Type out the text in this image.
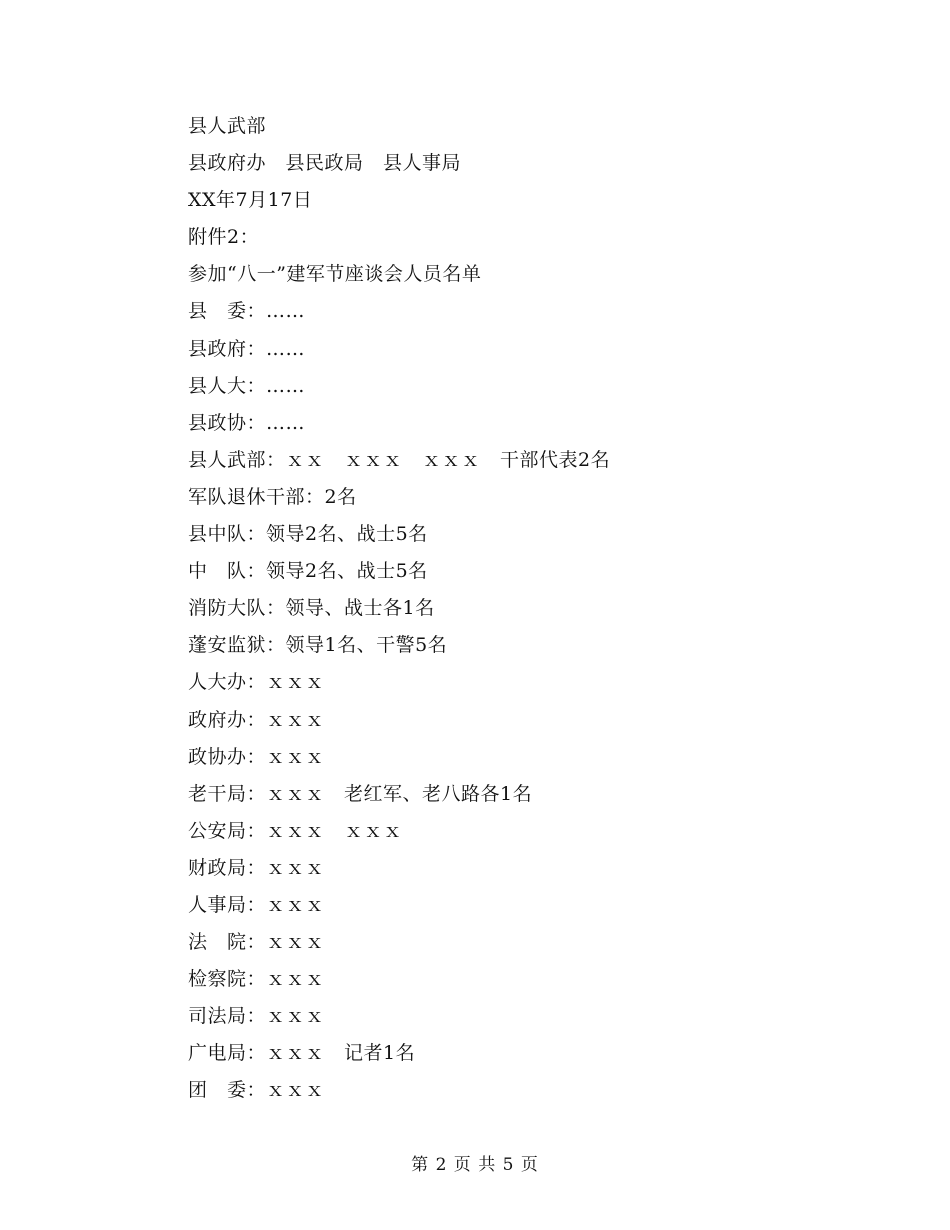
县人武部
县政府办　县民政局　县人事局
XX年7月17日
附件2：
参加“八一”建军节座谈会人员名单
县　委：……
县政府：……
县人大：……
县政协：……
县人武部：ｘｘ　ｘｘｘ　ｘｘｘ　干部代表2名
军队退休干部：2名
县中队：领导2名、战士5名
中　队：领导2名、战士5名
消防大队：领导、战士各1名
蓬安监狱：领导1名、干警5名
人大办：ｘｘｘ
政府办：ｘｘｘ
政协办：ｘｘｘ
老干局：ｘｘｘ　老红军、老八路各1名
公安局：ｘｘｘ　ｘｘｘ
财政局：ｘｘｘ
人事局：ｘｘｘ
法　院：ｘｘｘ
检察院：ｘｘｘ
司法局：ｘｘｘ
广电局：ｘｘｘ　记者1名
团　委：ｘｘｘ
第 2 页 共 5 页
